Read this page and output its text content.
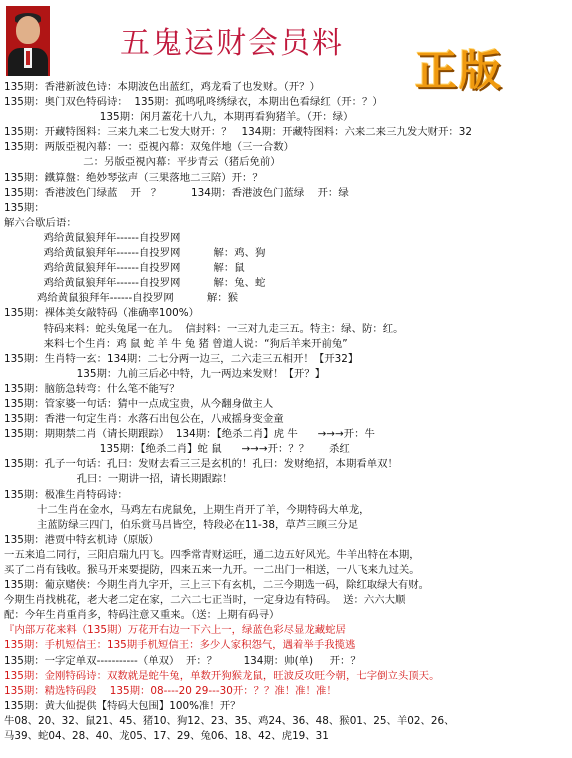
五鬼运财会员料
正版
135期：香港新波色诗：本期波色出蓝红，鸡龙看了也发财。（开？）
135期：奥门双色特码诗：  135期：孤鸣吼咚绣绿衣，本期出色看绿红（开：？）
135期：闲月蓋花十八九，本期再看狗猪羊。（开：绿）
135期：开藏特图料：三来九来二七发大财开：？   134期：开藏特图料：六来二来三九发大财开：32
135期：两版亞視內幕：一：亞視內幕：双兔伴地（三一合数）
二：另版亞視內幕：平步青云（猪后免前）
135期：鐵算盤：绝妙琴弦声（三果落地二三陪）开：？
135期：香港波色门绿蓝    开   ？         134期：香港波色门蓝绿    开：绿
135期：
解六合歇后语：
鸡给黄鼠狼拜年------自投罗网
鸡给黄鼠狼拜年------自投罗网          解：鸡、狗
鸡给黄鼠狼拜年------自投罗网          解：鼠
鸡给黄鼠狼拜年------自投罗网          解：兔、蛇
鸡给黄鼠狼拜年------自投罗网          解：猴
135期：裸体美女敲特码（准确率100%）
特码来料：蛇头兔尾一在九。  信封料：一三对九走三五。特主：绿、防：红。
来料七个生肖：鸡 鼠 蛇 羊 牛 兔 猪 曾道人说：“狗后羊来开前兔”
135期：生肖特一玄：134期：二七分两一边三，二六走三五相开！【开32】
135期：九前三后必中特，九一两边来发财！【开？】
135期：脑筋急转弯：什么笔不能写？
135期：管家婆一句话：猜中一点成宝贵，从今翻身做主人
135期：香港一句定生肖：水落石出包公在，八戒摇身变金童
135期：期期禁二肖（请长期跟踪）  134期：【绝杀二肖】虎 牛      →→→开：牛
135期：【绝杀二肖】蛇 鼠      →→→开：？？      杀红
135期：孔子一句话：孔曰：发财去看三三是玄机的！孔曰：发财绝招，本期看单双！
孔曰：一期讲一招，请长期跟踪！
135期：极准生肖特码诗：
十二生肖在金水，马鸡左右虎鼠免，上期生肖开了羊，今期特码大单龙，
主蓝防绿三四门，伯乐赏马吕皆空，特段必在11-38，草芦三顾三分足
135期：港贾中特玄机诗（原版）
一五来追二同行，三阳启瑞九円飞。四季常青财运旺，通二边五好风光。牛羊出特在本期，
买了二肖有钱收。猴马开来要提防，四来五来一九开。一二出门一相送，一八飞来九过关。
135期：葡京赌侠：今期生肖九字开，三上三下有玄机，二三今期选一码，除红取绿大有财。
今期生肖找桃花，老大老二定在家，二六二七正当时，一定身边有特码。  送：六六大顺
配：今年生肖重肖多，特码注意又重来。（送：上期有码寻）
『内部万花来料（135期）万花开右边一下六上一，绿蓝色彩尽显龙藏蛇居
135期：手机短信王：135期手机短信王：多少人家积怨气，遇着举手我揽逃
135期：一字定单双-----------（单双）  开：？        134期：帅(单)     开：？
135期：金刚特码诗：双数就是蛇牛兔，单数开狗猴龙鼠，旺波反攻旺今朝，七字倒立头顶天。
135期：精选特码段    135期：08----20 29---30开：？？准！准！准！
135期：黄大仙提供【特码大包围】100%准！开？
牛08、20、32、鼠21、45、猪10、狗12、23、35、鸡24、36、48、猴01、25、羊02、26、
马39、蛇04、28、40、龙05、17、29、兔06、18、42、虎19、31
